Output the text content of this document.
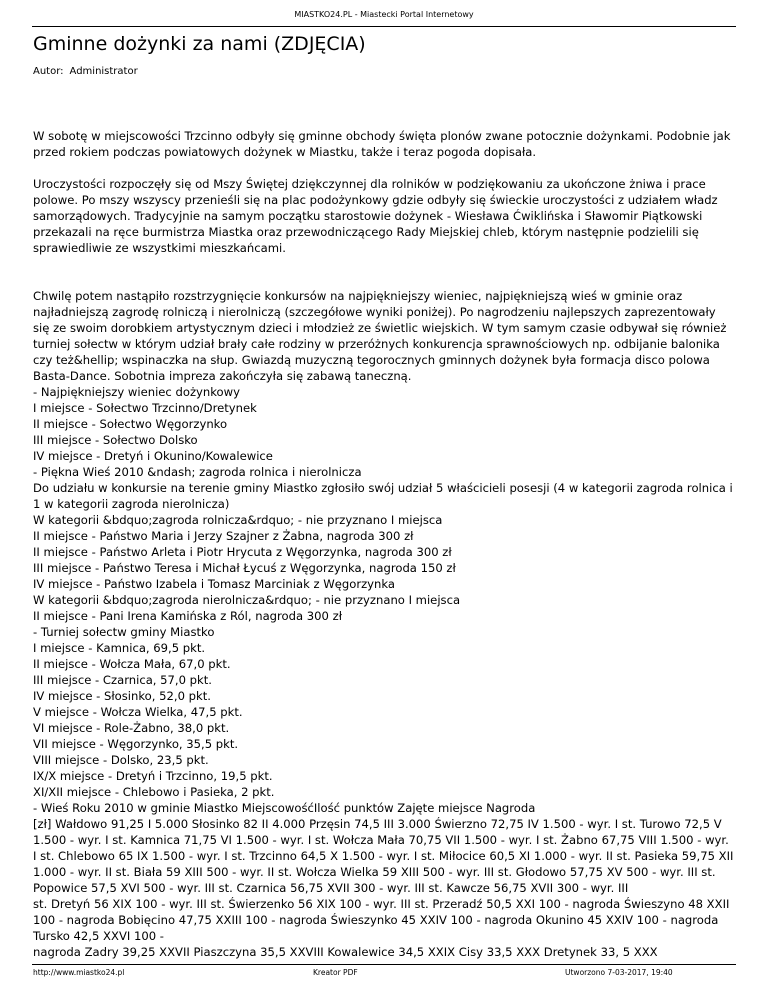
MIASTKO24.PL - Miastecki Portal Internetowy
Gminne dożynki za nami (ZDJĘCIA)
Autor: Administrator

W sobotę w miejscowości Trzcinno odbyły się gminne obchody święta plonów zwane potocznie dożynkami. Podobnie jak przed rokiem podczas powiatowych dożynek w Miastku, także i teraz pogoda dopisała.

Uroczystości rozpoczęły się od Mszy Świętej dziękczynnej dla rolników w podziękowaniu za ukończone żniwa i prace polowe. Po mszy wszyscy przenieśli się na plac podożynkowy gdzie odbyły się świeckie uroczystości z udziałem władz samorządowych. Tradycyjnie na samym początku starostowie dożynek - Wiesława Ćwiklińska i Sławomir Piątkowski przekazali na ręce burmistrza Miastka oraz przewodniczącego Rady Miejskiej chleb, którym następnie podzielili się sprawiedliwie ze wszystkimi mieszkańcami.

Chwilę potem nastąpiło rozstrzygnięcie konkursów na najpiękniejszy wieniec, najpiękniejszą wieś w gminie oraz najładniejszą zagrodę rolniczą i nierolniczą (szczegółowe wyniki poniżej). Po nagrodzeniu najlepszych zaprezentowały się ze swoim dorobkiem artystycznym dzieci i młodzież ze świetlic wiejskich. W tym samym czasie odbywał się również turniej sołectw w którym udział brały całe rodziny w przeróżnych konkurencja sprawnościowych np. odbijanie balonika czy też&hellip; wspinaczka na słup. Gwiazdą muzyczną tegorocznych gminnych dożynek była formacja disco polowa Basta-Dance. Sobotnia impreza zakończyła się zabawą taneczną.
- Najpiękniejszy wieniec dożynkowy
I miejsce - Sołectwo Trzcinno/Dretynek
II miejsce - Sołectwo Węgorzynko
III miejsce - Sołectwo Dolsko
IV miejsce - Dretyń i Okunino/Kowalewice
- Piękna Wieś 2010 &ndash; zagroda rolnica i nierolnicza
Do udziału w konkursie na terenie gminy Miastko zgłosiło swój udział 5 właścicieli posesji (4 w kategorii zagroda rolnica i 1 w kategorii zagroda nierolnicza)
W kategorii &bdquo;zagroda rolnicza&rdquo; - nie przyznano I miejsca
II miejsce - Państwo Maria i Jerzy Szajner z Żabna, nagroda 300 zł
II miejsce - Państwo Arleta i Piotr Hrycuta z Węgorzynka, nagroda 300 zł
III miejsce - Państwo Teresa i Michał Łycuś z Węgorzynka, nagroda 150 zł
IV miejsce - Państwo Izabela i Tomasz Marciniak z Węgorzynka
W kategorii &bdquo;zagroda nierolnicza&rdquo; - nie przyznano I miejsca
II miejsce - Pani Irena Kamińska z Ról, nagroda 300 zł
- Turniej sołectw gminy Miastko
I miejsce - Kamnica, 69,5 pkt.
II miejsce - Wołcza Mała, 67,0 pkt.
III miejsce - Czarnica, 57,0 pkt.
IV miejsce - Słosinko, 52,0 pkt.
V miejsce - Wołcza Wielka, 47,5 pkt.
VI miejsce - Role-Żabno, 38,0 pkt.
VII miejsce - Węgorzynko, 35,5 pkt.
VIII miejsce - Dolsko, 23,5 pkt.
IX/X miejsce - Dretyń i Trzcinno, 19,5 pkt.
XI/XII miejsce - Chlebowo i Pasieka, 2 pkt.
- Wieś Roku 2010 w gminie Miastko MiejscowośćIlość punktów Zajęte miejsce Nagroda
[zł] Wałdowo 91,25 I 5.000 Słosinko 82 II 4.000 Przęsin 74,5 III 3.000 Świerzno 72,75 IV 1.500 - wyr. I st. Turowo 72,5 V 1.500 - wyr. I st. Kamnica 71,75 VI 1.500 - wyr. I st. Wołcza Mała 70,75 VII 1.500 - wyr. I st. Żabno 67,75 VIII 1.500 - wyr. I st. Chlebowo 65 IX 1.500 - wyr. I st. Trzcinno 64,5 X 1.500 - wyr. I st. Miłocice 60,5 XI 1.000 - wyr. II st. Pasieka 59,75 XII 1.000 - wyr. II st. Biała 59 XIII 500 - wyr. II st. Wołcza Wielka 59 XIII 500 - wyr. III st. Głodowo 57,75 XV 500 - wyr. III st. Popowice 57,5 XVI 500 - wyr. III st. Czarnica 56,75 XVII 300 - wyr. III st. Kawcze 56,75 XVII 300 - wyr. III
st. Dretyń 56 XIX 100 - wyr. III st. Świerzenko 56 XIX 100 - wyr. III st. Przeradź 50,5 XXI 100 - nagroda Świeszyno 48 XXII 100 - nagroda Bobięcino 47,75 XXIII 100 - nagroda Świeszynko 45 XXIV 100 - nagroda Okunino 45 XXIV 100 - nagroda Tursko 42,5 XXVI 100 -
nagroda Zadry 39,25 XXVII Piaszczyna 35,5 XXVIII Kowalewice 34,5 XXIX Cisy 33,5 XXX Dretynek 33, 5 XXX
http://www.miastko24.pl	Kreator PDF	Utworzono 7-03-2017, 19:40
